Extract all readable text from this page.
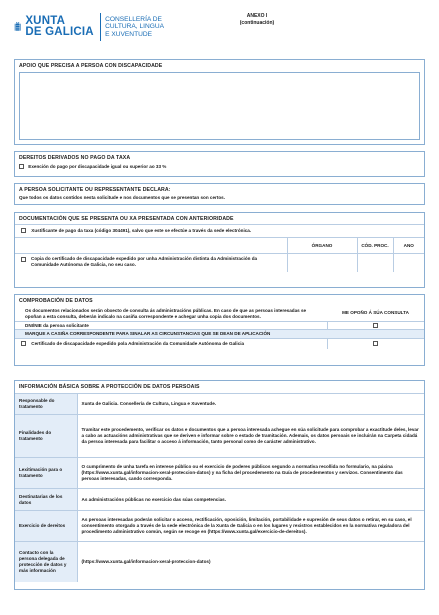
XUNTA
DE GALICIA
CONSELLERÍA DE
CULTURA, LINGUA
E XUVENTUDE
ANEXO I
(continuación)
APOIO QUE PRECISA A PERSOA CON DISCAPACIDADE
DEREITOS DERIVADOS NO PAGO DA TAXA
Exención do pago por discapacidade igual ou superior ao 33 %
A PERSOA SOLICITANTE OU REPRESENTANTE DECLARA:
Que todos os datos contidos nesta solicitude e nos documentos que se presentan son certos.
DOCUMENTACIÓN QUE SE PRESENTA OU XA PRESENTADA CON ANTERIORIDADE
Xustificante de pago da taxa (código 304491), salvo que este se efectúe a través da sede electrónica.
	ÓRGANO	CÓD. PROC.	ANO

Copia do certificado de discapacidade expedido por unha Administración distinta da Administración da Comunidade Autónoma de Galicia, no seu caso.			

COMPROBACIÓN DE DATOS
Os documentos relacionados serán obxecto de consulta ás administracións públicas. En caso de que as persoas interesadas se opoñan a esta consulta, deberán indicalo na casiña correspondente e achegar unha copia dos documentos.	ME OPOÑO Á SÚA CONSULTA
DNI/NIE da persoa solicitante	
MARQUE A CASIÑA CORRESPONDENTE PARA SINALAR AS CIRCUNSTANCIAS QUE SE DEAN DE APLICACIÓN	
Certificado de discapacidade expedido pola Administración da Comunidade Autónoma de Galicia	
INFORMACIÓN BÁSICA SOBRE A PROTECCIÓN DE DATOS PERSOAIS
Responsable do tratamento	Xunta de Galicia. Consellería de Cultura, Lingua e Xuventude.
Finalidades do tratamento	Tramitar este procedemento, verificar os datos e documentos que a persoa interesada achegue en súa solicitude para comprobar a exactitude deles, levar a cabo as actuacións administrativas que se deriven e informar sobre o estado de tramitación. Ademais, os datos persoais se incluirán na Carpeta cidadá da persoa interesada para facilitar o acceso á información, tanto personal como de carácter administrativo.
Lexitimación para o tratamento	O cumprimento de unha tarefa en interese público ou el exercicio de poderes públicos segundo a normativa recollida no formulario, na páxina (https://www.xunta.gal/informacion-xeral-proteccion-datos) y na ficha del procedemento na Guía de procedementos y servizos. Consentimento das persoas interesadas, cando corresponda.
Destinatarias de los datos	As administracións públicas no exercicio das súas competencias.
Exercicio de dereitos	As persoas interesadas poderán solicitar o acceso, rectificación, oposición, limitación, portabilidade e supresión de seus datos o retirar, en su caso, el consentimento otorgado a través de la sede electrónica de la Xunta de Galicia o en los lugares y rexistros establecidos en la normativa reguladora del procedimento administrativo común, según se recoge en (https://www.xunta.gal/exercicio-de-dereitos).
Contacto con la persona delegada de protección de datos y más información	(https://www.xunta.gal/informacion-xeral-proteccion-datos)
